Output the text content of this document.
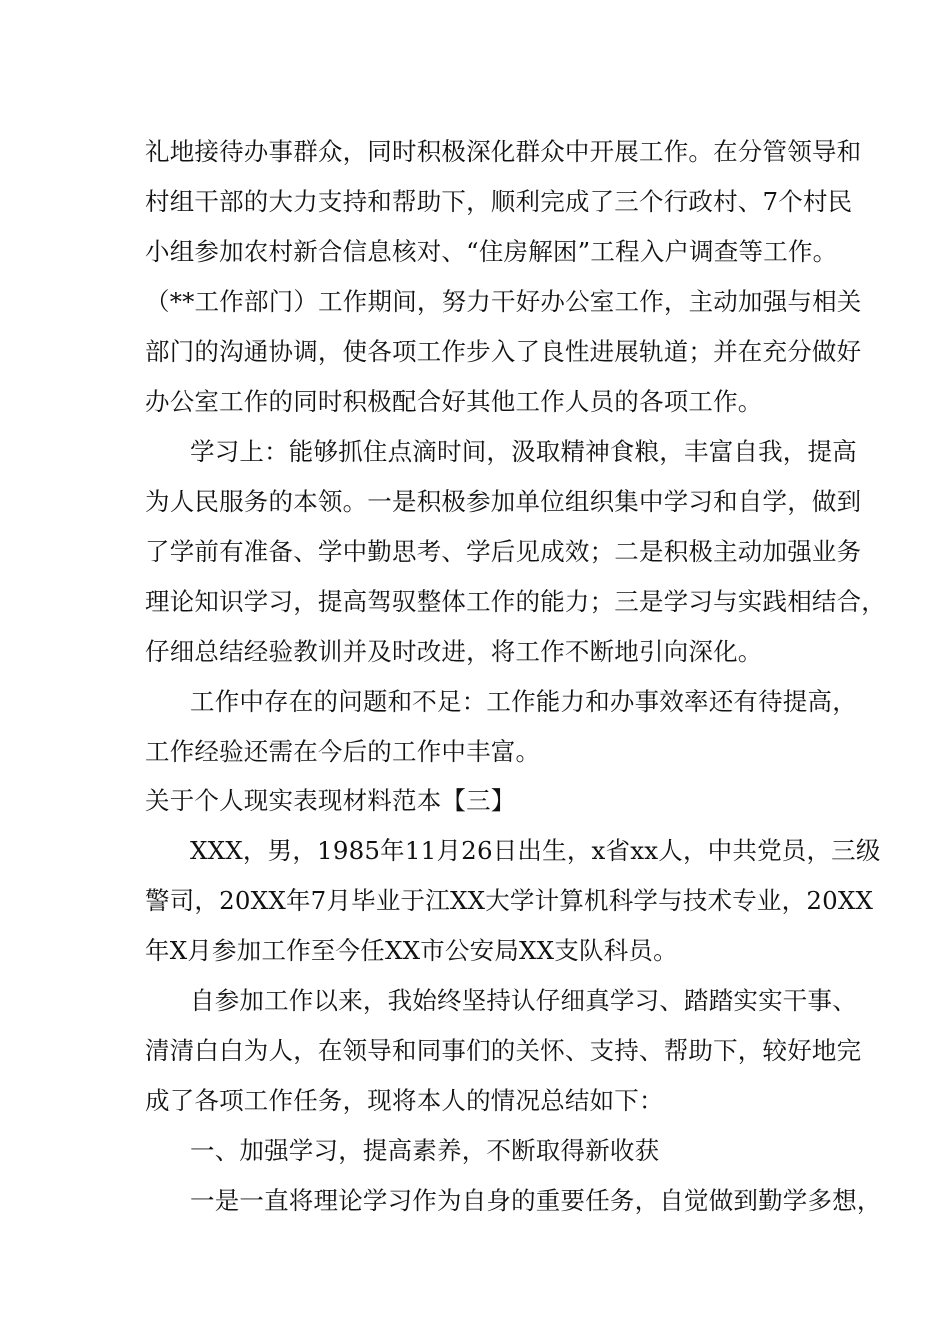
礼地接待办事群众，同时积极深化群众中开展工作。在分管领导和
村组干部的大力支持和帮助下，顺利完成了三个行政村、7个村民
小组参加农村新合信息核对、“住房解困”工程入户调查等工作。
（**工作部门）工作期间，努力干好办公室工作，主动加强与相关
部门的沟通协调，使各项工作步入了良性进展轨道；并在充分做好
办公室工作的同时积极配合好其他工作人员的各项工作。
学习上：能够抓住点滴时间，汲取精神食粮，丰富自我，提高
为人民服务的本领。一是积极参加单位组织集中学习和自学，做到
了学前有准备、学中勤思考、学后见成效；二是积极主动加强业务
理论知识学习，提高驾驭整体工作的能力；三是学习与实践相结合，
仔细总结经验教训并及时改进，将工作不断地引向深化。
工作中存在的问题和不足：工作能力和办事效率还有待提高，
工作经验还需在今后的工作中丰富。
关于个人现实表现材料范本【三】
XXX，男，1985年11月26日出生，x省xx人，中共党员，三级
警司，20XX年7月毕业于江XX大学计算机科学与技术专业，20XX
年X月参加工作至今任XX市公安局XX支队科员。
自参加工作以来，我始终坚持认仔细真学习、踏踏实实干事、
清清白白为人，在领导和同事们的关怀、支持、帮助下，较好地完
成了各项工作任务，现将本人的情况总结如下：
一、加强学习，提高素养，不断取得新收获
一是一直将理论学习作为自身的重要任务，自觉做到勤学多想，
